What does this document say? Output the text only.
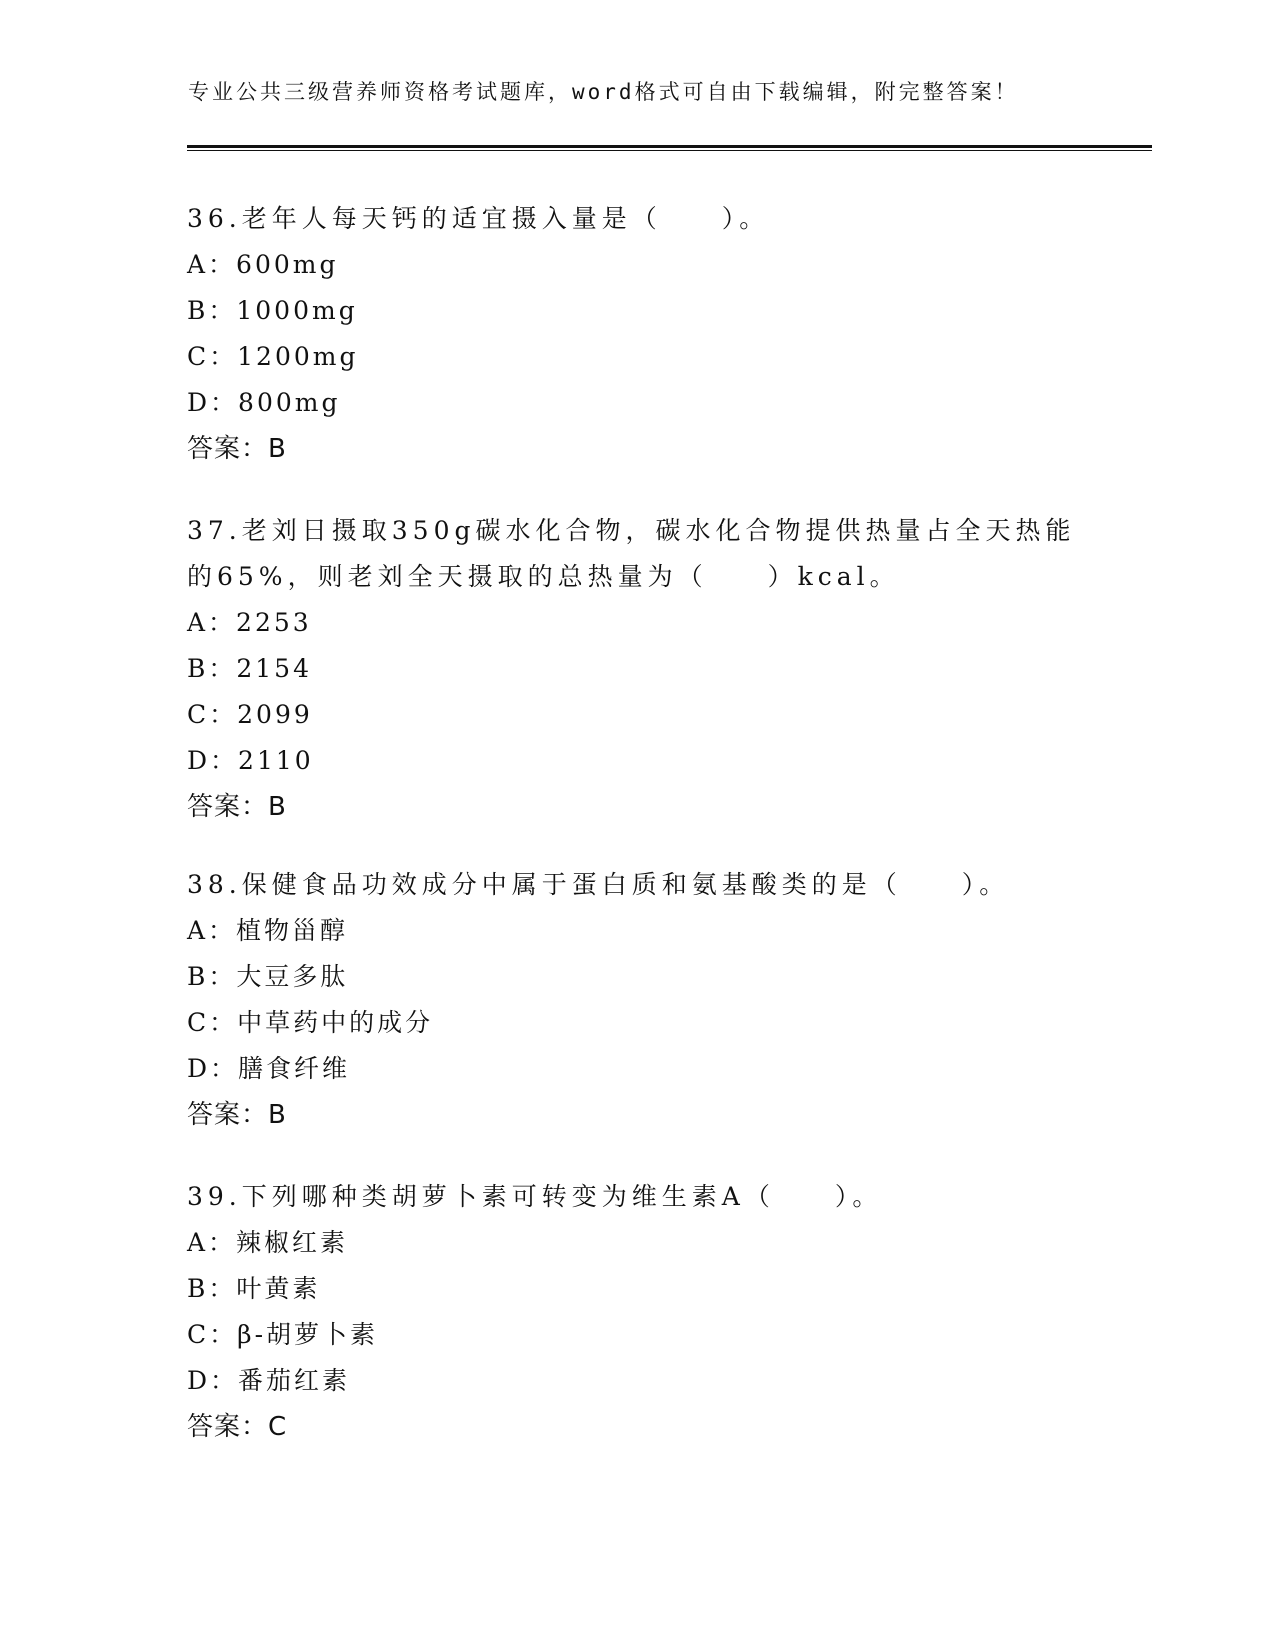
专业公共三级营养师资格考试题库，word格式可自由下载编辑，附完整答案！

36.老年人每天钙的适宜摄入量是（　　）。

A：600mg

B：1000mg

C：1200mg

D：800mg

答案：B

37.老刘日摄取350g碳水化合物，碳水化合物提供热量占全天热能的65%，则老刘全天摄取的总热量为（　　）kcal。

A：2253

B：2154

C：2099

D：2110

答案：B

38.保健食品功效成分中属于蛋白质和氨基酸类的是（　　）。

A：植物甾醇

B：大豆多肽

C：中草药中的成分

D：膳食纤维

答案：B

39.下列哪种类胡萝卜素可转变为维生素A（　　）。

A：辣椒红素

B：叶黄素

C：β-胡萝卜素

D：番茄红素

答案：C
